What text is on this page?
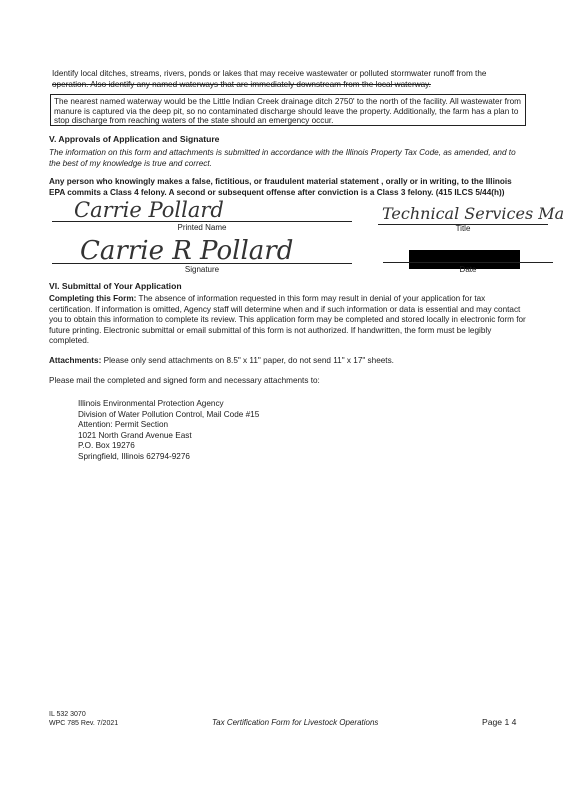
Identify local ditches, streams, rivers, ponds or lakes that may receive wastewater or polluted stormwater runoff from the
operation. Also identify any named waterways that are immediately downstream from the local waterway.
The nearest named waterway would be the Little Indian Creek drainage ditch 2750' to the north of the facility. All wastewater from manure is captured via the deep pit, so no contaminated discharge should leave the property. Additionally, the farm has a plan to stop discharge from reaching waters of the state should an emergency occur.
V. Approvals of Application and Signature
The information on this form and attachments is submitted in accordance with the Illinois Property Tax Code, as amended, and to the best of my knowledge is true and correct.
Any person who knowingly makes a false, fictitious, or fraudulent material statement , orally or in writing, to the Illinois EPA commits a Class 4 felony. A second or subsequent offense after conviction is a Class 3 felony. (415 ILCS 5/44(h))
Carrie Pollard
Printed Name
Technical Services Ma
Title
Carrie R Pollard
Signature	Date
VI. Submittal of Your Application
Completing this Form: The absence of information requested in this form may result in denial of your application for tax certification. If information is omitted, Agency staff will determine when and if such information or data is essential and may contact you to obtain this information to complete its review. This application form may be completed and stored locally in electronic form for future printing. Electronic submittal or email submittal of this form is not authorized. If handwritten, the form must be legibly completed.
Attachments: Please only send attachments on 8.5" x 11" paper, do not send 11" x 17" sheets.
Please mail the completed and signed form and necessary attachments to:
Illinois Environmental Protection Agency
Division of Water Pollution Control, Mail Code #15
Attention: Permit Section
1021 North Grand Avenue East
P.O. Box 19276
Springfield, Illinois 62794-9276
IL 532 3070
WPC 785 Rev. 7/2021	Tax Certification Form for Livestock Operations	Page 1 4
